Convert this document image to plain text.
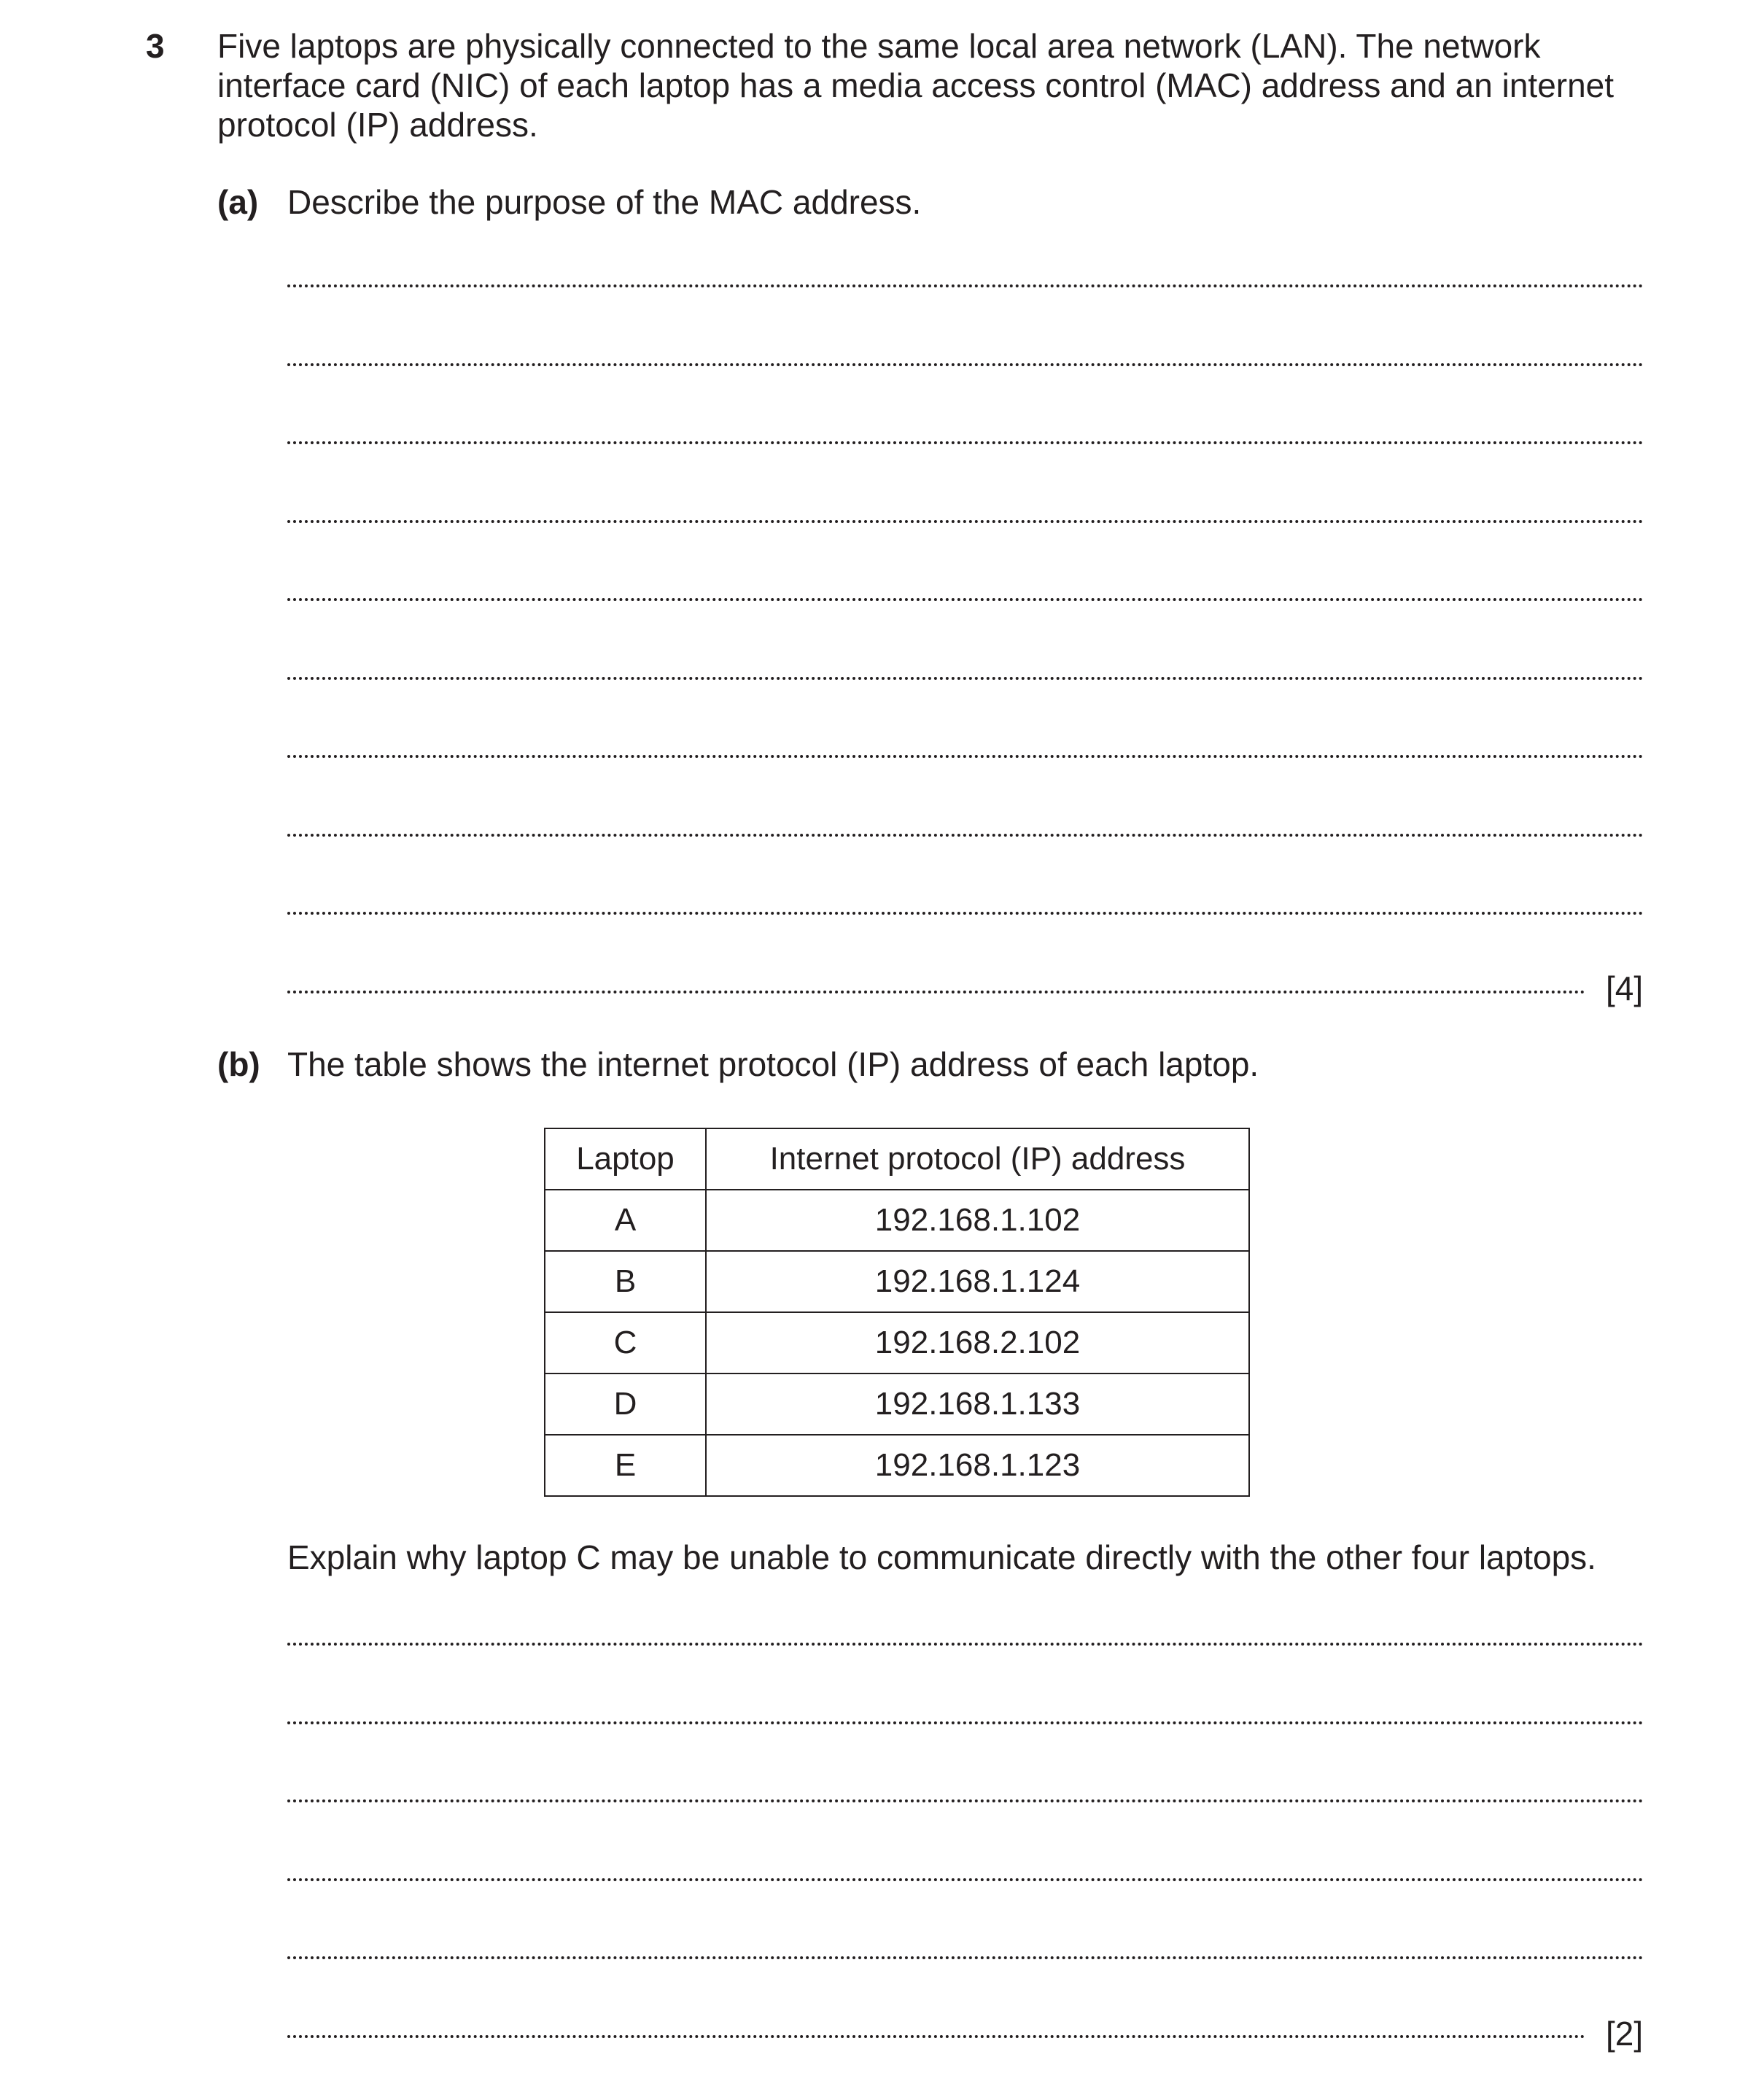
3 Five laptops are physically connected to the same local area network (LAN). The network interface card (NIC) of each laptop has a media access control (MAC) address and an internet protocol (IP) address.

(a) Describe the purpose of the MAC address.
[4]
(b) The table shows the internet protocol (IP) address of each laptop.
Laptop	Internet protocol (IP) address
A	192.168.1.102
B	192.168.1.124
C	192.168.2.102
D	192.168.1.133
E	192.168.1.123
Explain why laptop C may be unable to communicate directly with the other four laptops.
[2]
